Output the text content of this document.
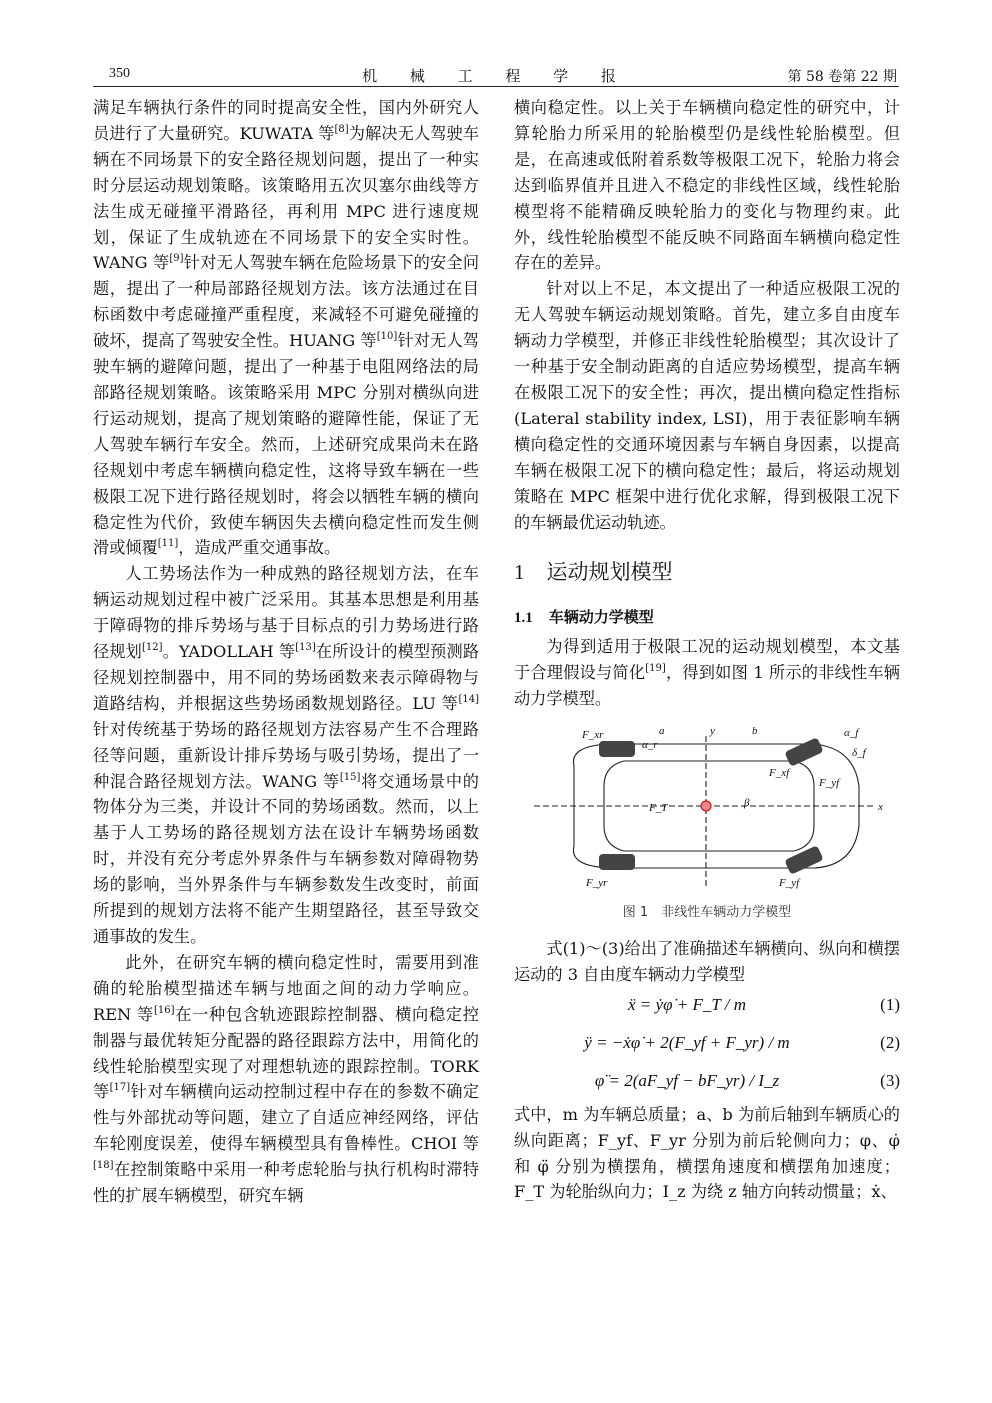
350	机 械 工 程 学 报	第 58 卷第 22 期

满足车辆执行条件的同时提高安全性，国内外研究人员进行了大量研究。KUWATA 等[8]为解决无人驾驶车辆在不同场景下的安全路径规划问题，提出了一种实时分层运动规划策略。该策略用五次贝塞尔曲线等方法生成无碰撞平滑路径，再利用 MPC 进行速度规划，保证了生成轨迹在不同场景下的安全实时性。WANG 等[9]针对无人驾驶车辆在危险场景下的安全问题，提出了一种局部路径规划方法。该方法通过在目标函数中考虑碰撞严重程度，来减轻不可避免碰撞的破坏，提高了驾驶安全性。HUANG 等[10]针对无人驾驶车辆的避障问题，提出了一种基于电阻网络法的局部路径规划策略。该策略采用 MPC 分别对横纵向进行运动规划，提高了规划策略的避障性能，保证了无人驾驶车辆行车安全。然而，上述研究成果尚未在路径规划中考虑车辆横向稳定性，这将导致车辆在一些极限工况下进行路径规划时，将会以牺牲车辆的横向稳定性为代价，致使车辆因失去横向稳定性而发生侧滑或倾覆[11]，造成严重交通事故。

人工势场法作为一种成熟的路径规划方法，在车辆运动规划过程中被广泛采用。其基本思想是利用基于障碍物的排斥势场与基于目标点的引力势场进行路径规划[12]。YADOLLAH 等[13]在所设计的模型预测路径规划控制器中，用不同的势场函数来表示障碍物与道路结构，并根据这些势场函数规划路径。LU 等[14]针对传统基于势场的路径规划方法容易产生不合理路径等问题，重新设计排斥势场与吸引势场，提出了一种混合路径规划方法。WANG 等[15]将交通场景中的物体分为三类，并设计不同的势场函数。然而，以上基于人工势场的路径规划方法在设计车辆势场函数时，并没有充分考虑外界条件与车辆参数对障碍物势场的影响，当外界条件与车辆参数发生改变时，前面所提到的规划方法将不能产生期望路径，甚至导致交通事故的发生。

此外，在研究车辆的横向稳定性时，需要用到准确的轮胎模型描述车辆与地面之间的动力学响应。REN 等[16]在一种包含轨迹跟踪控制器、横向稳定控制器与最优转矩分配器的路径跟踪方法中，用简化的线性轮胎模型实现了对理想轨迹的跟踪控制。TORK 等[17]针对车辆横向运动控制过程中存在的参数不确定性与外部扰动等问题，建立了自适应神经网络，评估车轮刚度误差，使得车辆模型具有鲁棒性。CHOI 等[18]在控制策略中采用一种考虑轮胎与执行机构时滞特性的扩展车辆模型，研究车辆

横向稳定性。以上关于车辆横向稳定性的研究中，计算轮胎力所采用的轮胎模型仍是线性轮胎模型。但是，在高速或低附着系数等极限工况下，轮胎力将会达到临界值并且进入不稳定的非线性区域，线性轮胎模型将不能精确反映轮胎力的变化与物理约束。此外，线性轮胎模型不能反映不同路面车辆横向稳定性存在的差异。

针对以上不足，本文提出了一种适应极限工况的无人驾驶车辆运动规划策略。首先，建立多自由度车辆动力学模型，并修正非线性轮胎模型；其次设计了一种基于安全制动距离的自适应势场模型，提高车辆在极限工况下的安全性；再次，提出横向稳定性指标(Lateral stability index, LSI)，用于表征影响车辆横向稳定性的交通环境因素与车辆自身因素，以提高车辆在极限工况下的横向稳定性；最后，将运动规划策略在 MPC 框架中进行优化求解，得到极限工况下的车辆最优运动轨迹。

1 运动规划模型
1.1 车辆动力学模型

为得到适用于极限工况的运动规划模型，本文基于合理假设与简化[19]，得到如图 1 所示的非线性车辆动力学模型。

a	b
x
y
F_xr
F_yr
F_xf
F_yf
F_T
α_r
α_f
δ_f
β
F_yf
图 1　非线性车辆动力学模型

式(1)～(3)给出了准确描述车辆横向、纵向和横摆运动的 3 自由度车辆动力学模型

ẍ = ẏφ̇ + F_T / m	(1)
ÿ = −ẋφ̇ + 2(F_yf + F_yr) / m	(2)
φ̈ = 2(aF_yf − bF_yr) / I_z	(3)

式中，m 为车辆总质量；a、b 为前后轴到车辆质心的纵向距离；F_yf、F_yr 分别为前后轮侧向力；φ、φ̇ 和 φ̈ 分别为横摆角，横摆角速度和横摆角加速度；F_T 为轮胎纵向力；I_z 为绕 z 轴方向转动惯量；ẋ、
